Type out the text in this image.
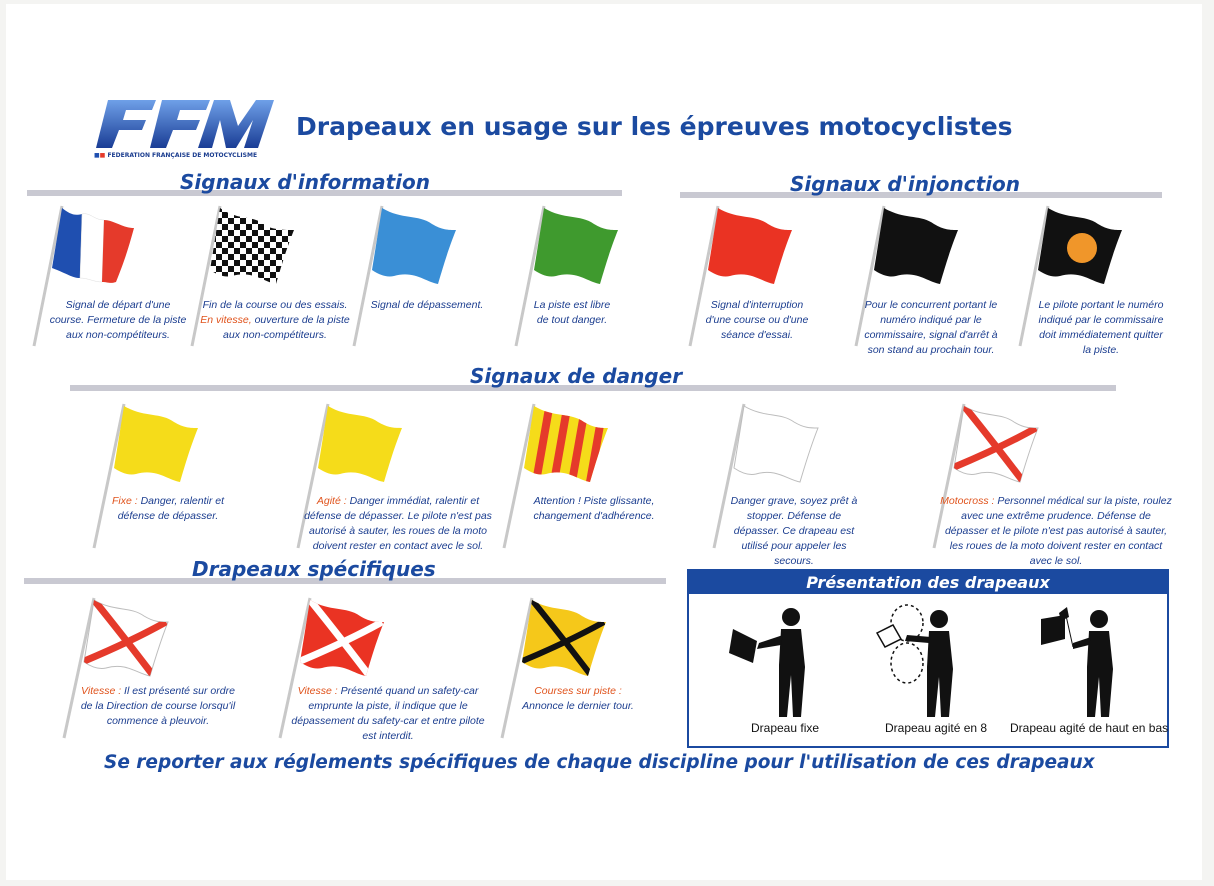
■■ FEDERATION FRANÇAISE DE MOTOCYCLISME
Drapeaux en usage sur les épreuves motocyclistes
Signaux d'information	Signaux d'injonction
Signal de départ d'une course. Fermeture de la piste aux non-compétiteurs.
Fin de la course ou des essais. En vitesse, ouverture de la piste aux non-compétiteurs.
Signal de dépassement.	La piste est libre de tout danger.
Signal d'interruption d'une course ou d'une séance d'essai.
Pour le concurrent portant le numéro indiqué par le commissaire, signal d'arrêt à son stand au prochain tour.
Le pilote portant le numéro indiqué par le commissaire doit immédiatement quitter la piste.
Signaux de danger
Fixe : Danger, ralentir et défense de dépasser.
Agité : Danger immédiat, ralentir et défense de dépasser. Le pilote n'est pas autorisé à sauter, les roues de la moto doivent rester en contact avec le sol.
Attention ! Piste glissante, changement d'adhérence.
Danger grave, soyez prêt à stopper. Défense de dépasser. Ce drapeau est utilisé pour appeler les secours.
Motocross : Personnel médical sur la piste, roulez avec une extrême prudence. Défense de dépasser et le pilote n'est pas autorisé à sauter, les roues de la moto doivent rester en contact avec le sol.
Drapeaux spécifiques
Vitesse : Il est présenté sur ordre de la Direction de course lorsqu'il commence à pleuvoir.
Vitesse : Présenté quand un safety-car emprunte la piste, il indique que le dépassement du safety-car et entre pilote est interdit.
Courses sur piste : Annonce le dernier tour.
Présentation des drapeaux
Drapeau fixe	Drapeau agité en 8 Drapeau agité de haut en bas
Se reporter aux réglements spécifiques de chaque discipline pour l'utilisation de ces drapeaux
